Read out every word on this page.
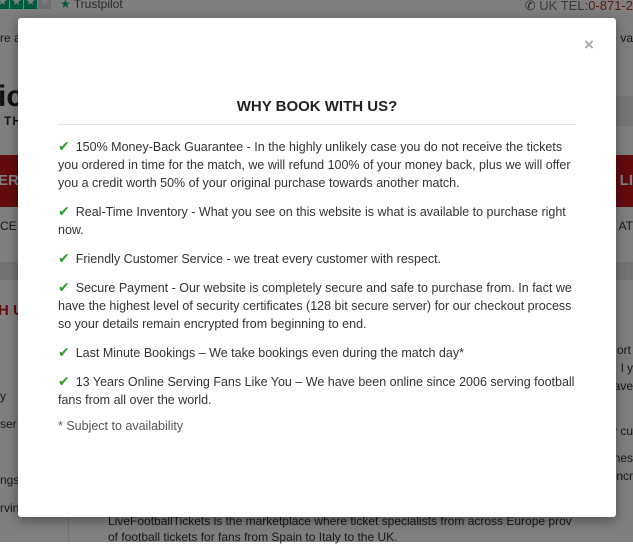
×
WHY BOOK WITH US?
✔ 150% Money-Back Guarantee - In the highly unlikely case you do not receive the tickets you ordered in time for the match, we will refund 100% of your money back, plus we will offer you a credit worth 50% of your original purchase towards another match.
✔ Real-Time Inventory - What you see on this website is what is available to purchase right now.
✔ Friendly Customer Service - we treat every customer with respect.
✔ Secure Payment - Our website is completely secure and safe to purchase from. In fact we have the highest level of security certificates (128 bit secure server) for our checkout process so your details remain encrypted from beginning to end.
✔ Last Minute Bookings – We take bookings even during the match day*
✔ 13 Years Online Serving Fans Like You – We have been online since 2006 serving football fans from all over the world.
* Subject to availability
